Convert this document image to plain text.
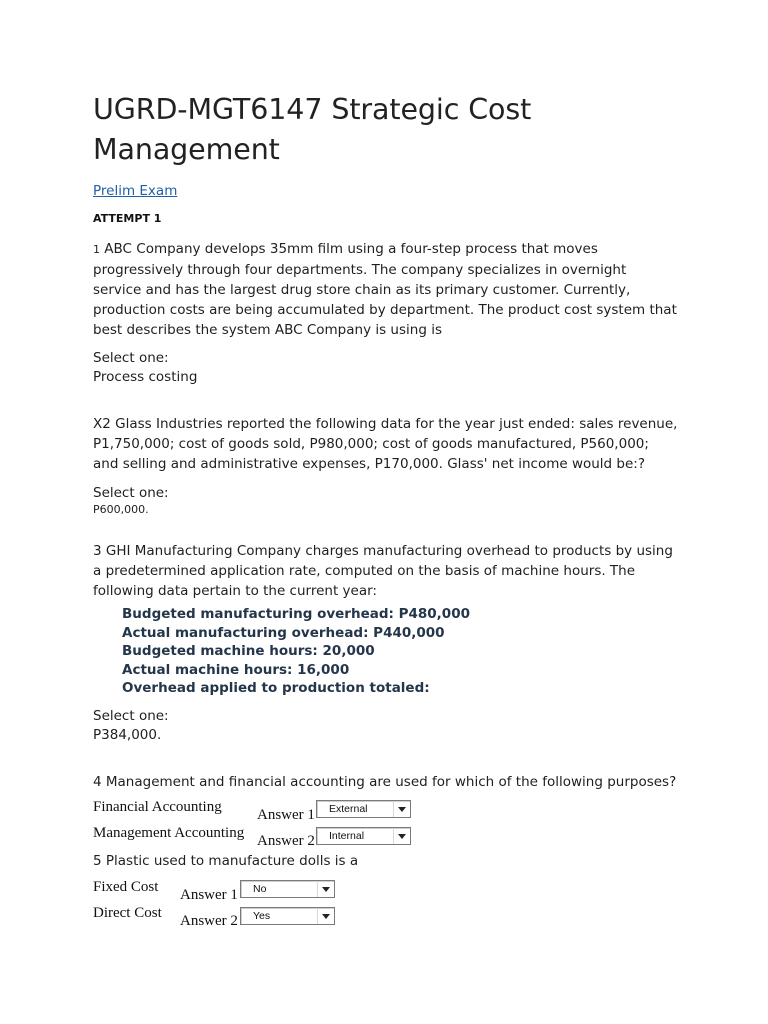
UGRD-MGT6147 Strategic Cost Management
Prelim Exam
ATTEMPT 1
1 ABC Company develops 35mm film using a four-step process that moves progressively through four departments. The company specializes in overnight service and has the largest drug store chain as its primary customer. Currently, production costs are being accumulated by department. The product cost system that best describes the system ABC Company is using is
Select one:
Process costing
X2 Glass Industries reported the following data for the year just ended: sales revenue, P1,750,000; cost of goods sold, P980,000; cost of goods manufactured, P560,000; and selling and administrative expenses, P170,000. Glass' net income would be:?
Select one:
P600,000.
3 GHI Manufacturing Company charges manufacturing overhead to products by using a predetermined application rate, computed on the basis of machine hours. The following data pertain to the current year:
Budgeted manufacturing overhead: P480,000
Actual manufacturing overhead: P440,000
Budgeted machine hours: 20,000
Actual machine hours: 16,000
Overhead applied to production totaled:
Select one:
P384,000.
4 Management and financial accounting are used for which of the following purposes?
Financial Accounting Answer 1 External
Management Accounting Answer 2 Internal
5 Plastic used to manufacture dolls is a
Fixed Cost Answer 1 No
Direct Cost Answer 2 Yes
